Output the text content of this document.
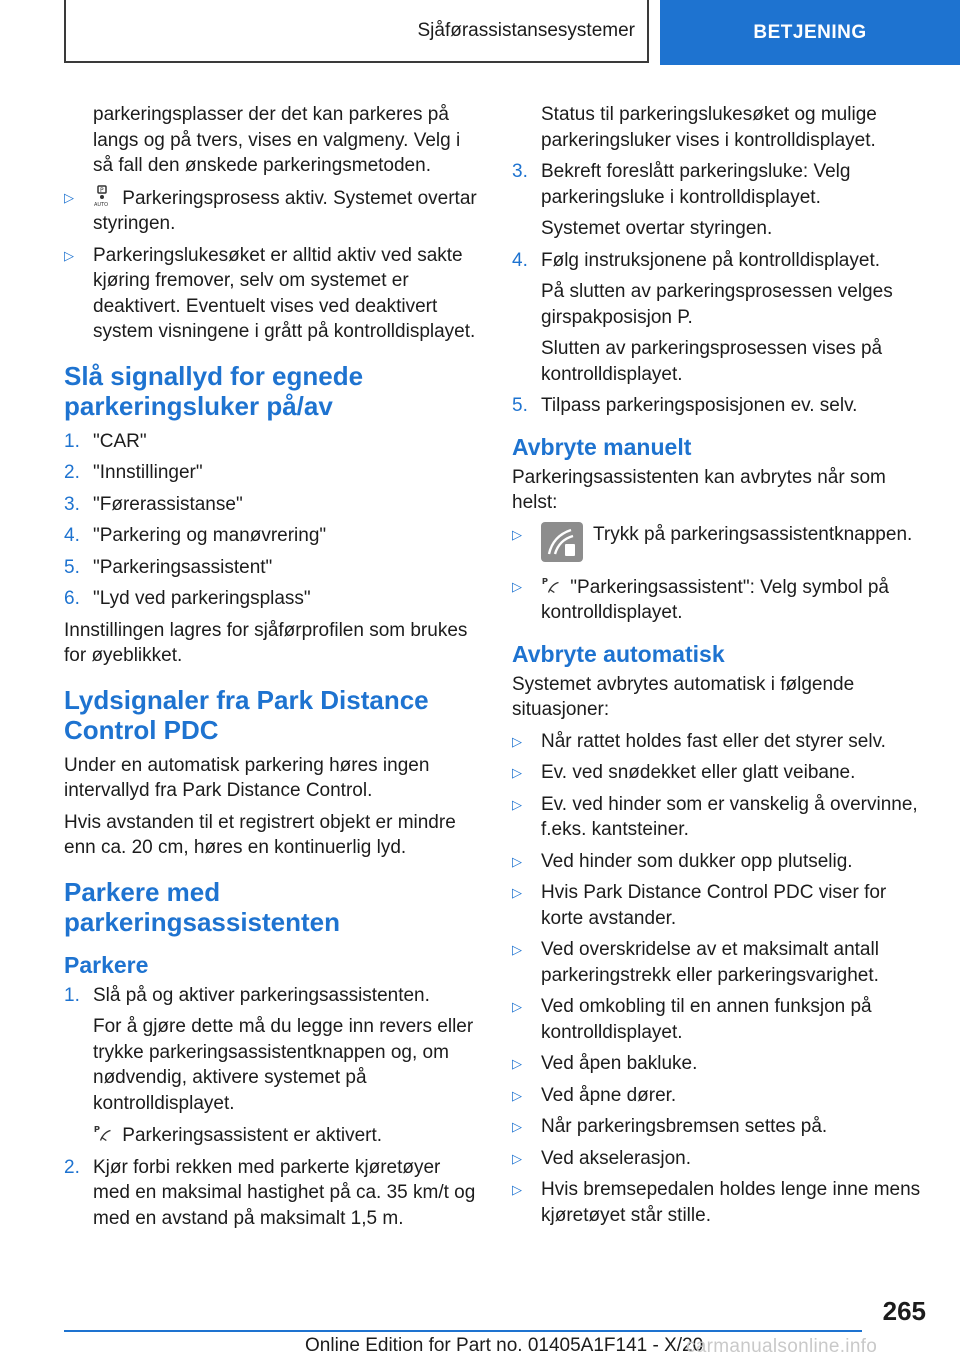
Sjåførassistansesystemer	BETJENING

parkeringsplasser der det kan parkeres på langs og på tvers, vises en valgmeny. Velg i så fall den ønskede parkeringsmetoden.

▷	P
AUTO Parkeringsprosess aktiv. Systemet overtar styringen.
▷	Parkeringslukesøket er alltid aktiv ved sakte kjøring fremover, selv om systemet er deaktivert. Eventuelt vises ved deaktivert system visningene i grått på kontrolldisplayet.
Slå signallyd for egnede parkeringsluker på/av
1. "CAR"
2. "Innstillinger"
3. "Førerassistanse"
4. "Parkering og manøvrering"
5. "Parkeringsassistent"
6. "Lyd ved parkeringsplass"

Innstillingen lagres for sjåførprofilen som brukes for øyeblikket.

Lydsignaler fra Park Distance Control PDC

Under en automatisk parkering høres ingen intervallyd fra Park Distance Control.

Hvis avstanden til et registrert objekt er mindre enn ca. 20 cm, høres en kontinuerlig lyd.

Parkere med parkeringsassistenten
Parkere
1. Slå på og aktiver parkeringsassistenten.

For å gjøre dette må du legge inn revers eller trykke parkeringsassistentknappen og, om nødvendig, aktivere systemet på kontrolldisplayet.

P Parkeringsassistent er aktivert.

2. Kjør forbi rekken med parkerte kjøretøyer med en maksimal hastighet på ca. 35 km/t og med en avstand på maksimalt 1,5 m.

Status til parkeringslukesøket og mulige parkeringsluker vises i kontrolldisplayet.

3. Bekreft foreslått parkeringsluke: Velg parkeringsluke i kontrolldisplayet.

Systemet overtar styringen.

4. Følg instruksjonene på kontrolldisplayet.

På slutten av parkeringsprosessen velges girspakposisjon P.

Slutten av parkeringsprosessen vises på kontrolldisplayet.

5. Tilpass parkeringsposisjonen ev. selv.
Avbryte manuelt

Parkeringsassistenten kan avbrytes når som helst:

▷	Trykk på parkeringsassistentknappen.
▷	P "Parkeringsassistent": Velg symbol på kontrolldisplayet.
Avbryte automatisk

Systemet avbrytes automatisk i følgende situasjoner:

▷	Når rattet holdes fast eller det styrer selv.
▷	Ev. ved snødekket eller glatt veibane.
▷	Ev. ved hinder som er vanskelig å overvinne, f.eks. kantsteiner.
▷	Ved hinder som dukker opp plutselig.
▷	Hvis Park Distance Control PDC viser for korte avstander.
▷	Ved overskridelse av et maksimalt antall parkeringstrekk eller parkeringsvarighet.
▷	Ved omkobling til en annen funksjon på kontrolldisplayet.
▷	Ved åpen bakluke.
▷	Ved åpne dører.
▷	Når parkeringsbremsen settes på.
▷	Ved akselerasjon.
▷	Hvis bremsepedalen holdes lenge inne mens kjøretøyet står stille.
265
Online Edition for Part no. 01405A1F141 - X/20
carmanualsonline.info
